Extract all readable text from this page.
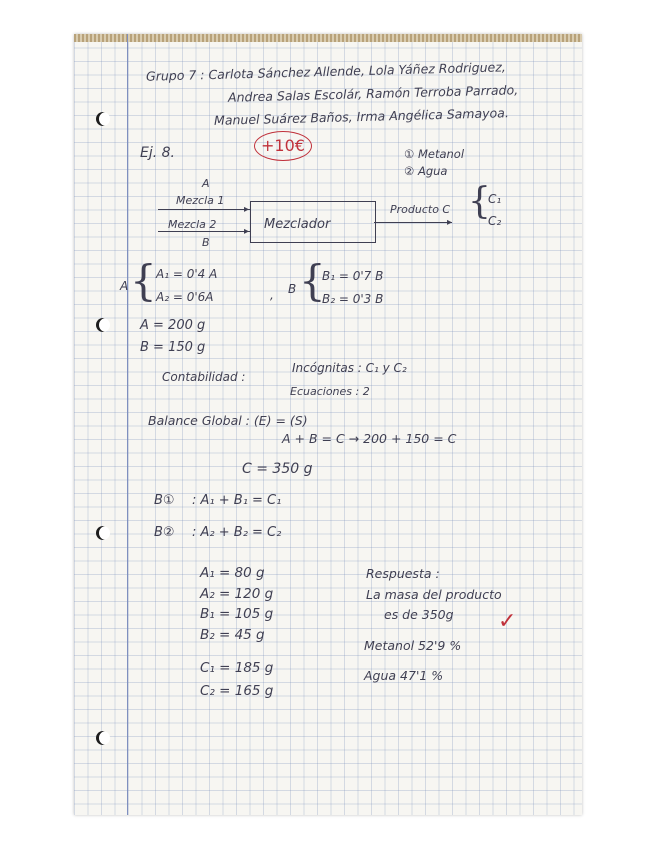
Grupo 7 : Carlota Sánchez Allende, Lola Yáñez Rodriguez,
Andrea Salas Escolár, Ramón Terroba Parrado,
Manuel Suárez Baños, Irma Angélica Samayoa.
Ej. 8.	+10€	① Metanol
② Agua
A
Mezcla 1
▸
Mezcla 2
▸
B
Mezclador
Producto C
▸
{
C₁
C₂
A { A₁ = 0'4 A
A₂ = 0'6A	, B {
B₁ = 0'7 B
B₂ = 0'3 B
A = 200 g
B = 150 g
Contabilidad :
Incógnitas : C₁ y C₂
Ecuaciones : 2
Balance Global : (E) = (S)
A + B = C → 200 + 150 = C
C = 350 g
B① : A₁ + B₁ = C₁
B② : A₂ + B₂ = C₂
A₁ = 80 g
A₂ = 120 g
B₁ = 105 g
B₂ = 45 g
C₁ = 185 g
C₂ = 165 g
Respuesta :
La masa del producto
es de 350g ✓
Metanol 52'9 %
Agua 47'1 %
